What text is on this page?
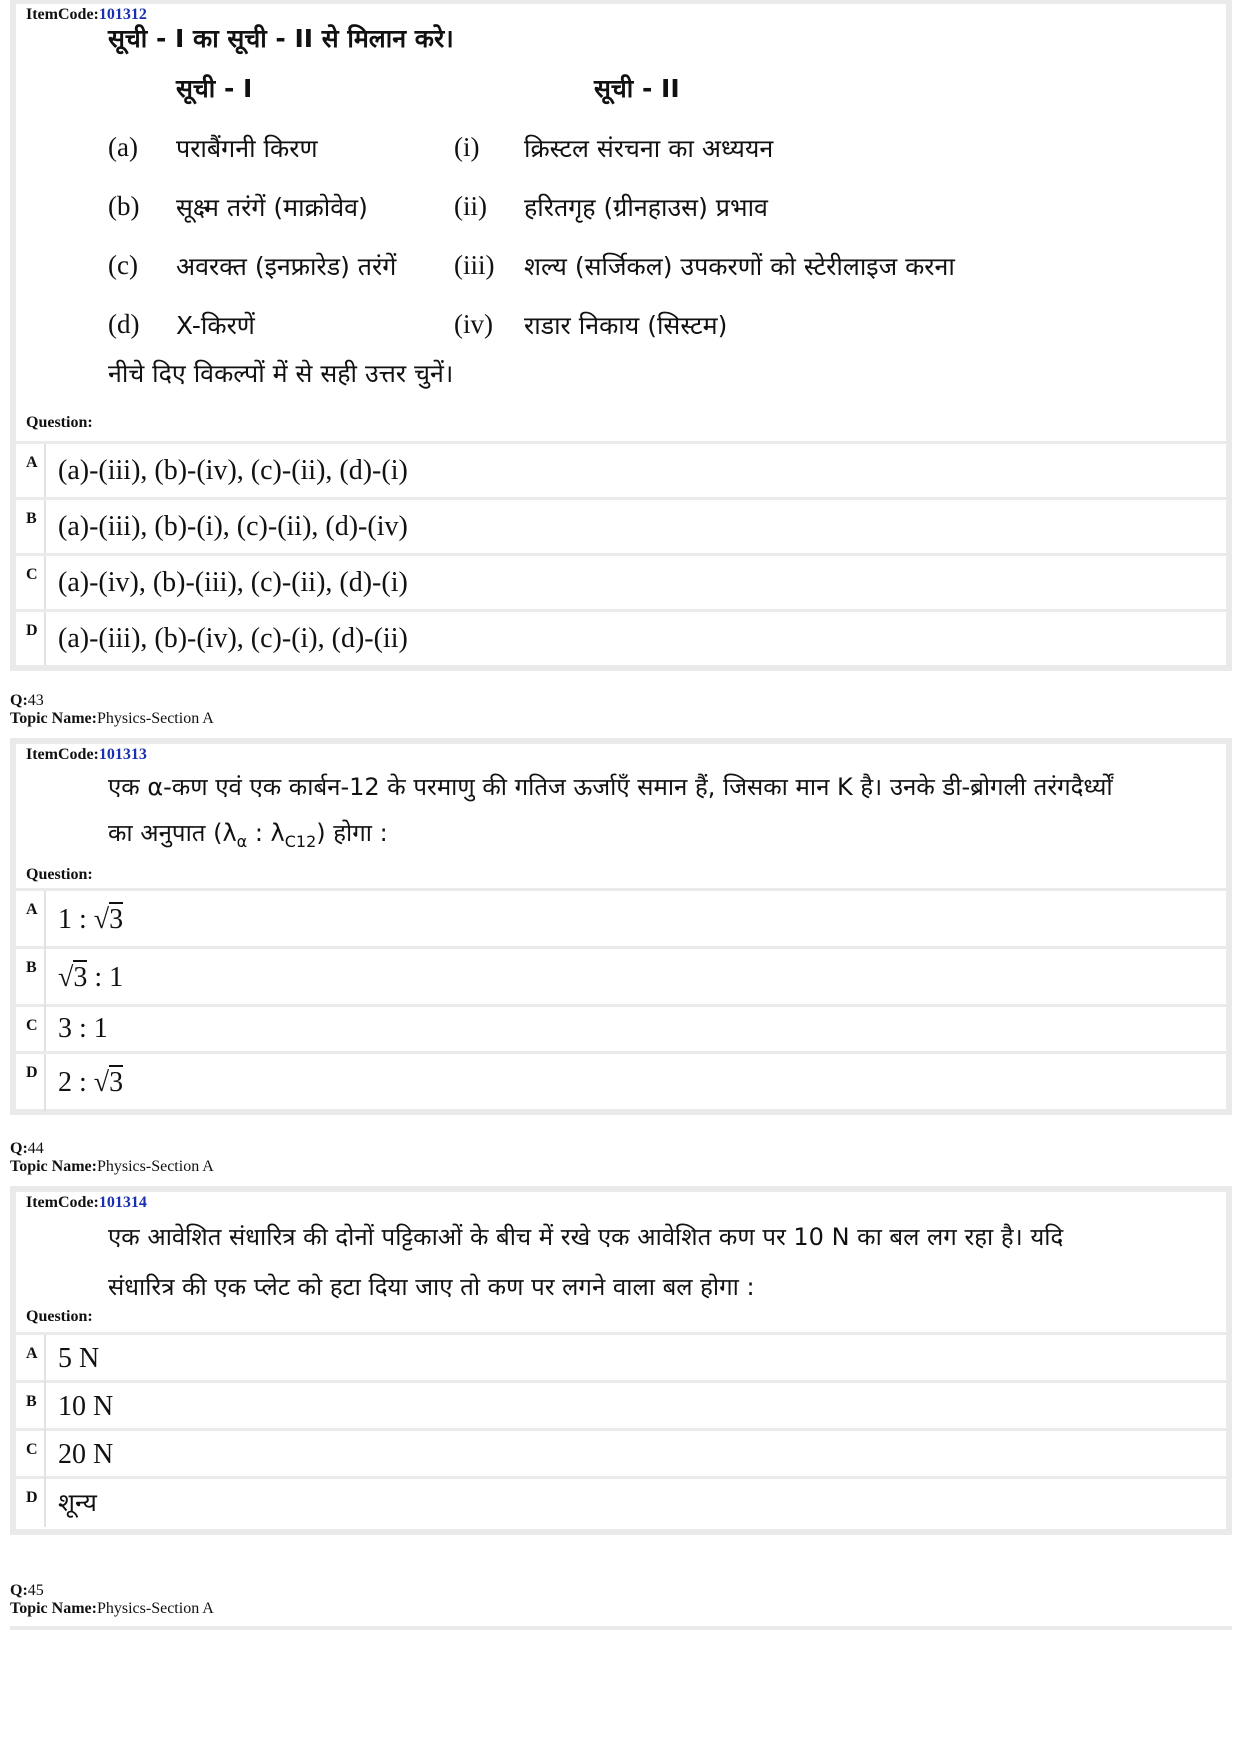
ItemCode:101312
सूची - I का सूची - II से मिलान करे।
सूची - I	सूची - II
(a)	पराबैंगनी किरण	(i)	क्रिस्टल संरचना का अध्ययन
(b)	सूक्ष्म तरंगें (माक्रोवेव)	(ii)	हरितगृह (ग्रीनहाउस) प्रभाव
(c)	अवरक्त (इनफ्रारेड) तरंगें	(iii)	शल्य (सर्जिकल) उपकरणों को स्टेरीलाइज करना
(d)	X-किरणें	(iv)	राडार निकाय (सिस्टम)
नीचे दिए विकल्पों में से सही उत्तर चुनें।
Question:
A (a)-(iii), (b)-(iv), (c)-(ii), (d)-(i)
B (a)-(iii), (b)-(i), (c)-(ii), (d)-(iv)
C (a)-(iv), (b)-(iii), (c)-(ii), (d)-(i)
D (a)-(iii), (b)-(iv), (c)-(i), (d)-(ii)
Q:43
Topic Name:Physics-Section A
ItemCode:101313
एक α-कण एवं एक कार्बन-12 के परमाणु की गतिज ऊर्जाएँ समान हैं, जिसका मान K है। उनके डी-ब्रोगली तरंगदैर्ध्यों
का अनुपात ($\lambda_\alpha$ : $\lambda_{C12}$) होगा :
Question:
A 1 : √3
B √3 : 1
C 3 : 1
D 2 : √3
Q:44
Topic Name:Physics-Section A
ItemCode:101314
एक आवेशित संधारित्र की दोनों पट्टिकाओं के बीच में रखे एक आवेशित कण पर 10 N का बल लग रहा है। यदि
संधारित्र की एक प्लेट को हटा दिया जाए तो कण पर लगने वाला बल होगा :
Question:
A 5 N
B 10 N
C 20 N
D शून्य
Q:45
Topic Name:Physics-Section A
